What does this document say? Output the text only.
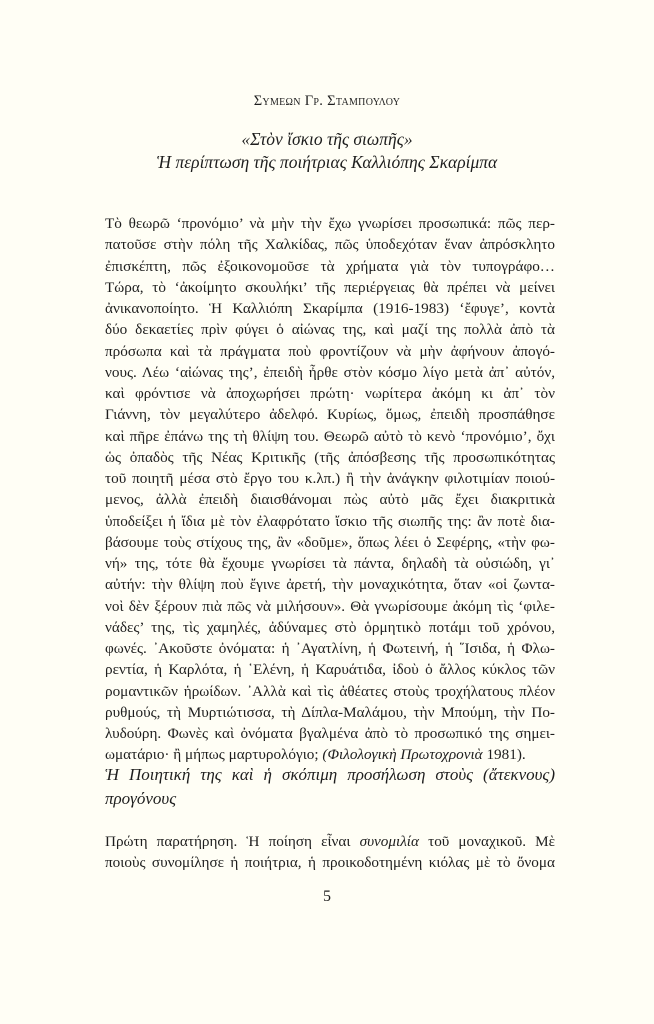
Συμεων Γρ. Σταμπουλου
«Στὸν ἴσκιο τῆς σιωπῆς»
Ἡ περίπτωση τῆς ποιήτριας Καλλιόπης Σκαρίμπα
Τὸ θεωρῶ ‘προνόμιο’ νὰ μὴν τὴν ἔχω γνωρίσει προσωπικά: πῶς περ-
πατοῦσε στὴν πόλη τῆς Χαλκίδας, πῶς ὑποδεχόταν ἕναν ἀπρόσκλητο
ἐπισκέπτη, πῶς ἐξοικονομοῦσε τὰ χρήματα γιὰ τὸν τυπογράφο…
Τώρα, τὸ ‘ἀκοίμητο σκουλήκι’ τῆς περιέργειας θὰ πρέπει νὰ μείνει
ἀνικανοποίητο. Ἡ Καλλιόπη Σκαρίμπα (1916-1983) ‘ἔφυγε’, κοντὰ
δύο δεκαετίες πρὶν φύγει ὁ αἰώνας της, καὶ μαζί της πολλὰ ἀπὸ τὰ
πρόσωπα καὶ τὰ πράγματα ποὺ φροντίζουν νὰ μὴν ἀφήνουν ἀπογό-
νους. Λέω ‘αἰώνας της’, ἐπειδὴ ἦρθε στὸν κόσμο λίγο μετὰ ἀπ᾽ αὐτόν,
καὶ φρόντισε νὰ ἀποχωρήσει πρώτη· νωρίτερα ἀκόμη κι ἀπ᾽ τὸν
Γιάννη, τὸν μεγαλύτερο ἀδελφό. Κυρίως, ὅμως, ἐπειδὴ προσπάθησε
καὶ πῆρε ἐπάνω της τὴ θλίψη του. Θεωρῶ αὐτὸ τὸ κενὸ ‘προνόμιο’, ὄχι
ὡς ὀπαδὸς τῆς Νέας Κριτικῆς (τῆς ἀπόσβεσης τῆς προσωπικότητας
τοῦ ποιητῆ μέσα στὸ ἔργο του κ.λπ.) ἢ τὴν ἀνάγκην φιλοτιμίαν ποιού-
μενος, ἀλλὰ ἐπειδὴ διαισθάνομαι πὼς αὐτὸ μᾶς ἔχει διακριτικὰ
ὑποδείξει ἡ ἴδια μὲ τὸν ἐλαφρότατο ἴσκιο τῆς σιωπῆς της: ἂν ποτὲ δια-
βάσουμε τοὺς στίχους της, ἂν «δοῦμε», ὅπως λέει ὁ Σεφέρης, «τὴν φω-
νή» της, τότε θὰ ἔχουμε γνωρίσει τὰ πάντα, δηλαδὴ τὰ οὐσιώδη, γι᾽
αὐτήν: τὴν θλίψη ποὺ ἔγινε ἀρετή, τὴν μοναχικότητα, ὅταν «οἱ ζωντα-
νοὶ δὲν ξέρουν πιὰ πῶς νὰ μιλήσουν». Θὰ γνωρίσουμε ἀκόμη τὶς ‘φιλε-
νάδες’ της, τὶς χαμηλές, ἀδύναμες στὸ ὁρμητικὸ ποτάμι τοῦ χρόνου,
φωνές. ᾿Ακοῦστε ὀνόματα: ἡ ᾿Αγατλίνη, ἡ Φωτεινή, ἡ ῞Ισιδα, ἡ Φλω-
ρεντία, ἡ Καρλότα, ἡ ῾Ελένη, ἡ Καρυάτιδα, ἰδοὺ ὁ ἄλλος κύκλος τῶν
ρομαντικῶν ἡρωίδων. ᾿Αλλὰ καὶ τὶς ἀθέατες στοὺς τροχήλατους πλέον
ρυθμούς, τὴ Μυρτιώτισσα, τὴ Δίπλα-Μαλάμου, τὴν Μπούμη, τὴν Πο-
λυδούρη. Φωνὲς καὶ ὀνόματα βγαλμένα ἀπὸ τὸ προσωπικό της σημει-
ωματάριο· ἢ μήπως μαρτυρολόγιο; (Φιλολογικὴ Πρωτοχρονιὰ 1981).
Ἡ Ποιητική της καὶ ἡ σκόπιμη προσήλωση στοὺς (ἄτεκνους)
προγόνους
Πρώτη παρατήρηση. Ἡ ποίηση εἶναι συνομιλία τοῦ μοναχικοῦ. Μὲ
ποιοὺς συνομίλησε ἡ ποιήτρια, ἡ προικοδοτημένη κιόλας μὲ τὸ ὄνομα
5
